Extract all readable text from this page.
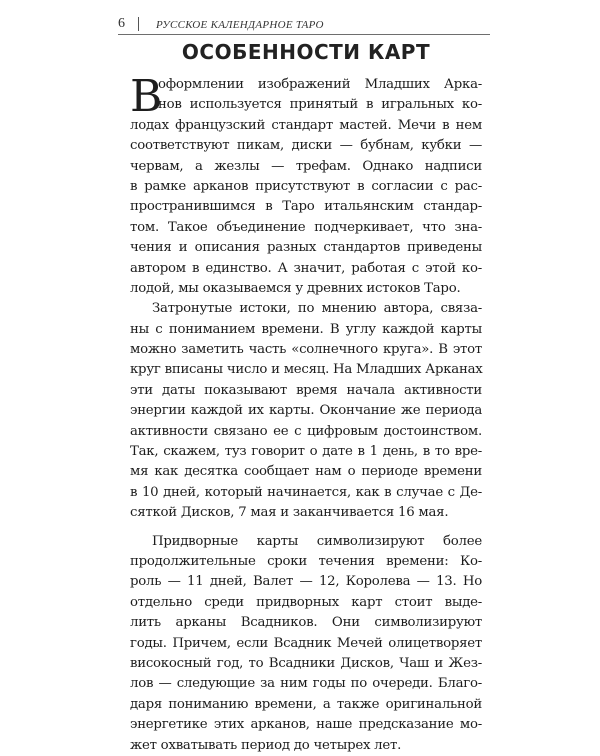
6	РУССКОЕ КАЛЕНДАРНОЕ ТАРО
ОСОБЕННОСТИ КАРТ
В
оформлении изображений Младших Арка-
нов используется принятый в игральных ко-
лодах французский стандарт мастей. Мечи в нем
соответствуют пикам, диски — бубнам, кубки —
червам, а жезлы — трефам. Однако надписи
в рамке арканов присутствуют в согласии с рас-
пространившимся в Таро итальянским стандар-
том. Такое объединение подчеркивает, что зна-
чения и описания разных стандартов приведены
автором в единство. А значит, работая с этой ко-
лодой, мы оказываемся у древних истоков Таро.
Затронутые истоки, по мнению автора, связа-
ны с пониманием времени. В углу каждой карты
можно заметить часть «солнечного круга». В этот
круг вписаны число и месяц. На Младших Арканах
эти даты показывают время начала активности
энергии каждой их карты. Окончание же периода
активности связано ее с цифровым достоинством.
Так, скажем, туз говорит о дате в 1 день, в то вре-
мя как десятка сообщает нам о периоде времени
в 10 дней, который начинается, как в случае с Де-
сяткой Дисков, 7 мая и заканчивается 16 мая.
Придворные карты символизируют более
продолжительные сроки течения времени: Ко-
роль — 11 дней, Валет — 12, Королева — 13. Но
отдельно среди придворных карт стоит выде-
лить арканы Всадников. Они символизируют
годы. Причем, если Всадник Мечей олицетворяет
високосный год, то Всадники Дисков, Чаш и Жез-
лов — следующие за ним годы по очереди. Благо-
даря пониманию времени, а также оригинальной
энергетике этих арканов, наше предсказание мо-
жет охватывать период до четырех лет.
